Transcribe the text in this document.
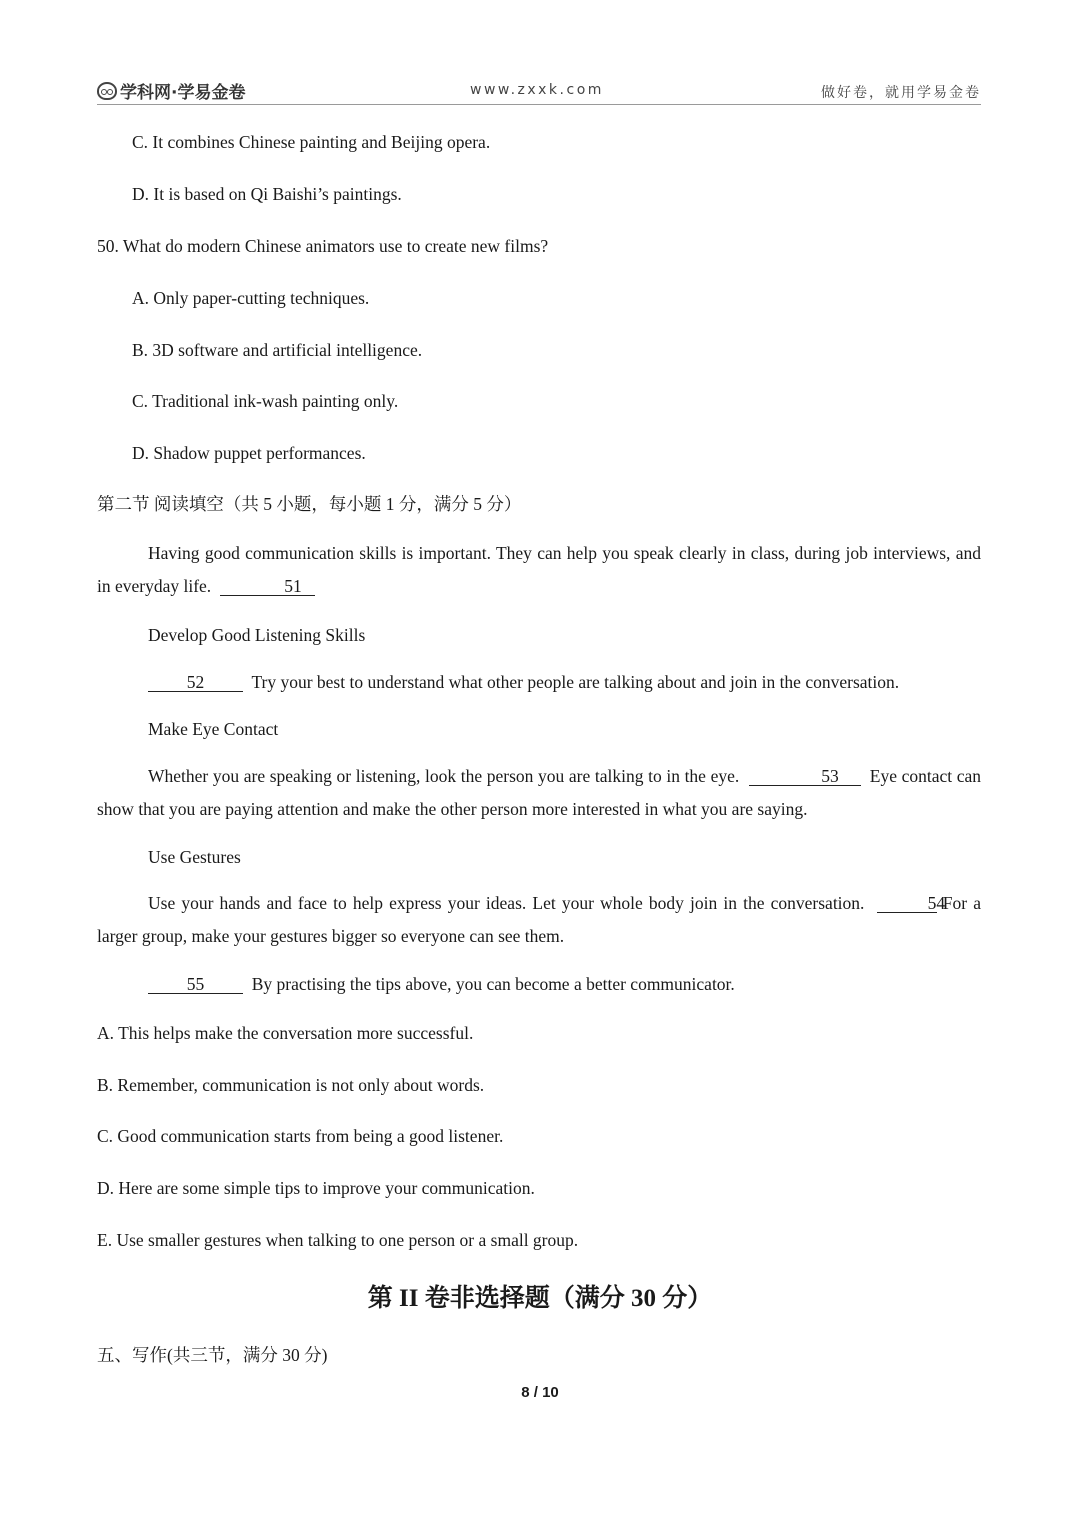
学科网·学易金卷	www.zxxk.com	做好卷，就用学易金卷
C. It combines Chinese painting and Beijing opera.
D. It is based on Qi Baishi’s paintings.
50. What do modern Chinese animators use to create new films?
A. Only paper-cutting techniques.
B. 3D software and artificial intelligence.
C. Traditional ink-wash painting only.
D. Shadow puppet performances.
第二节 阅读填空（共 5 小题，每小题 1 分，满分 5 分）
Having good communication skills is important. They can help you speak clearly in class, during job interviews, and in everyday life.	51
Develop Good Listening Skills
52	Try your best to understand what other people are talking about and join in the conversation.
Make Eye Contact
Whether you are speaking or listening, look the person you are talking to in the eye.	53 Eye contact can show that you are paying attention and make the other person more interested in what you are saying.
Use Gestures
Use your hands and face to help express your ideas. Let your whole body join in the conversation.	54 For a larger group, make your gestures bigger so everyone can see them.
55	By practising the tips above, you can become a better communicator.
A. This helps make the conversation more successful.
B. Remember, communication is not only about words.
C. Good communication starts from being a good listener.
D. Here are some simple tips to improve your communication.
E. Use smaller gestures when talking to one person or a small group.
第 II 卷非选择题（满分 30 分）
五、写作(共三节，满分 30 分)
8 / 10
